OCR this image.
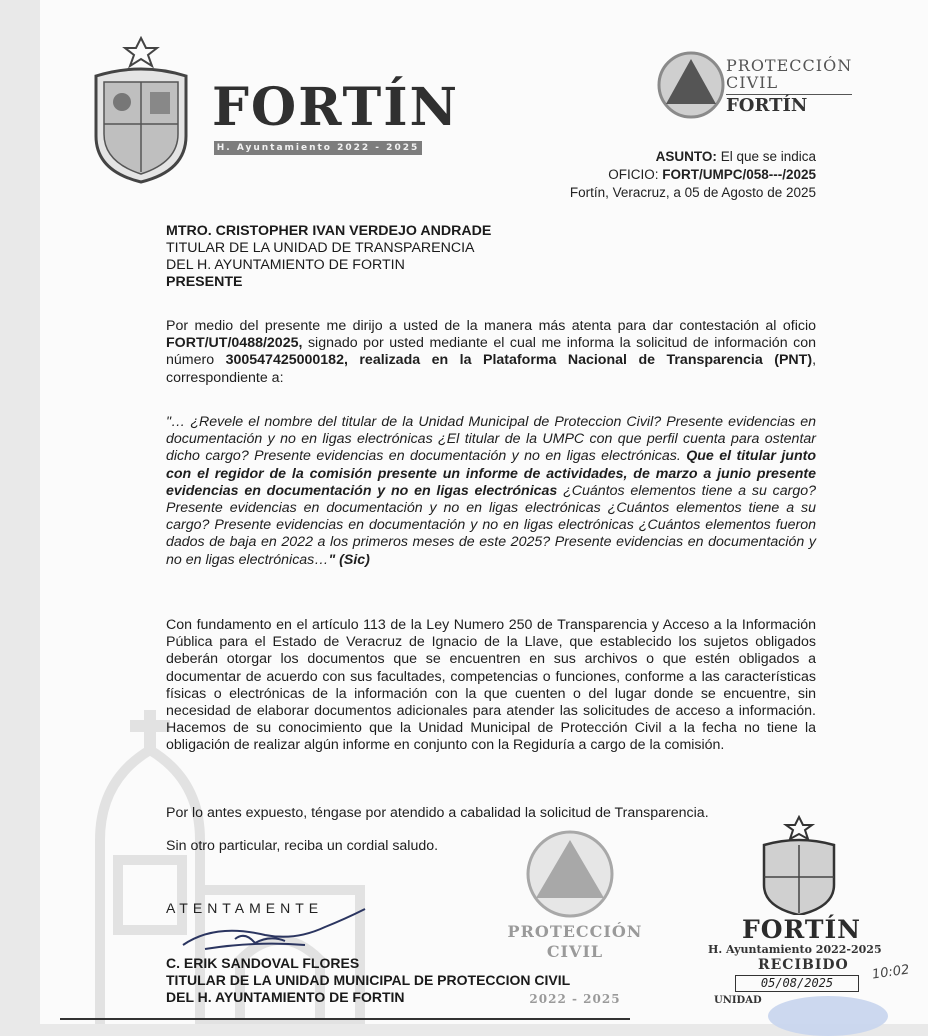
FORTÍN
H. Ayuntamiento 2022 - 2025
PROTECCIÓN
CIVIL
FORTÍN
ASUNTO: El que se indica
OFICIO: FORT/UMPC/058---/2025
Fortín, Veracruz, a 05 de Agosto de 2025
MTRO. CRISTOPHER IVAN VERDEJO ANDRADE
TITULAR DE LA UNIDAD DE TRANSPARENCIA
DEL H. AYUNTAMIENTO DE FORTIN
PRESENTE
Por medio del presente me dirijo a usted de la manera más atenta para dar contestación al oficio FORT/UT/0488/2025, signado por usted mediante el cual me informa la solicitud de información con número 300547425000182, realizada en la Plataforma Nacional de Transparencia (PNT), correspondiente a:
"… ¿Revele el nombre del titular de la Unidad Municipal de Proteccion Civil? Presente evidencias en documentación y no en ligas electrónicas ¿El titular de la UMPC con que perfil cuenta para ostentar dicho cargo? Presente evidencias en documentación y no en ligas electrónicas. Que el titular junto con el regidor de la comisión presente un informe de actividades, de marzo a junio presente evidencias en documentación y no en ligas electrónicas ¿Cuántos elementos tiene a su cargo? Presente evidencias en documentación y no en ligas electrónicas ¿Cuántos elementos tiene a su cargo? Presente evidencias en documentación y no en ligas electrónicas ¿Cuántos elementos fueron dados de baja en 2022 a los primeros meses de este 2025? Presente evidencias en documentación y no en ligas electrónicas…" (Sic)
Con fundamento en el artículo 113 de la Ley Numero 250 de Transparencia y Acceso a la Información Pública para el Estado de Veracruz de Ignacio de la Llave, que establecido los sujetos obligados deberán otorgar los documentos que se encuentren en sus archivos o que estén obligados a documentar de acuerdo con sus facultades, competencias o funciones, conforme a las características físicas o electrónicas de la información con la que cuenten o del lugar donde se encuentre, sin necesidad de elaborar documentos adicionales para atender las solicitudes de acceso a información. Hacemos de su conocimiento que la Unidad Municipal de Protección Civil a la fecha no tiene la obligación de realizar algún informe en conjunto con la Regiduría a cargo de la comisión.
Por lo antes expuesto, téngase por atendido a cabalidad la solicitud de Transparencia.
Sin otro particular, reciba un cordial saludo.
ATENTAMENTE
C. ERIK SANDOVAL FLORES
TITULAR DE LA UNIDAD MUNICIPAL DE PROTECCION CIVIL
DEL H. AYUNTAMIENTO DE FORTIN
PROTECCIÓN
CIVIL
2022 - 2025
FORTÍN
H. Ayuntamiento 2022-2025
RECIBIDO
05/08/2025
UNIDAD
10:02
